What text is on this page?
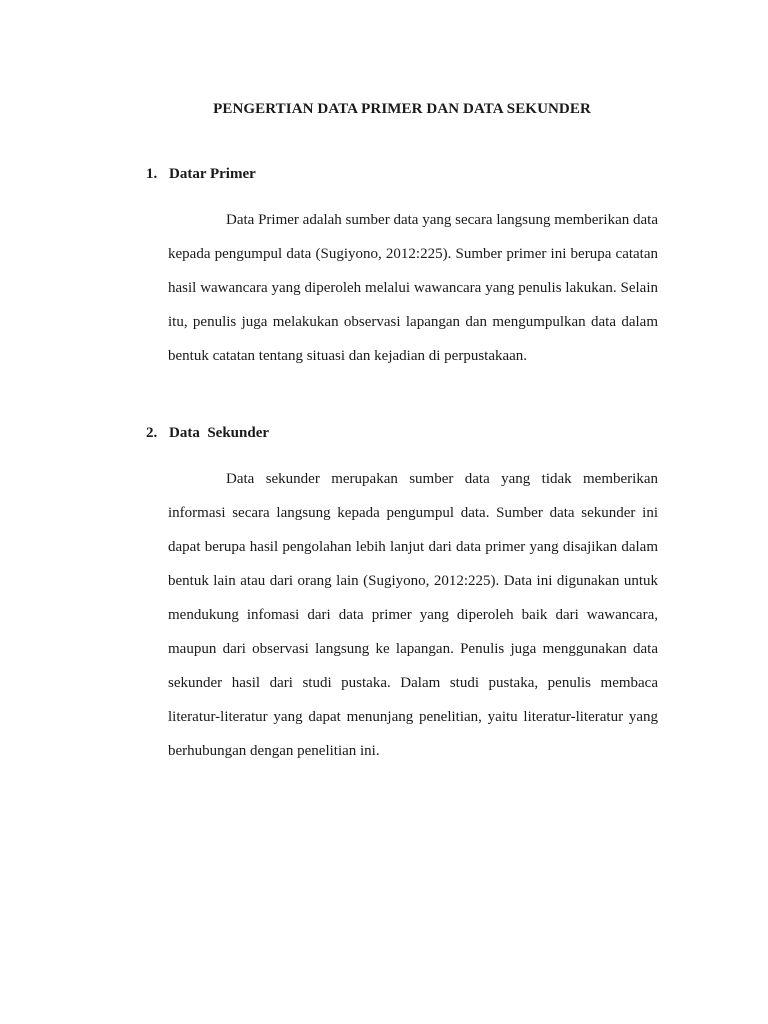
PENGERTIAN DATA PRIMER DAN DATA SEKUNDER
1. Datar Primer

Data Primer adalah sumber data yang secara langsung memberikan data kepada pengumpul data (Sugiyono, 2012:225). Sumber primer ini berupa catatan hasil wawancara yang diperoleh melalui wawancara yang penulis lakukan. Selain itu, penulis juga melakukan observasi lapangan dan mengumpulkan data dalam bentuk catatan tentang situasi dan kejadian di perpustakaan.

2. Data  Sekunder

Data sekunder merupakan sumber data yang tidak memberikan informasi secara langsung kepada pengumpul data. Sumber data sekunder ini dapat berupa hasil pengolahan lebih lanjut dari data primer yang disajikan dalam bentuk lain atau dari orang lain (Sugiyono, 2012:225). Data ini digunakan untuk mendukung infomasi dari data primer yang diperoleh baik dari wawancara, maupun dari observasi langsung ke lapangan. Penulis juga menggunakan data sekunder hasil dari studi pustaka. Dalam studi pustaka, penulis membaca literatur-literatur yang dapat menunjang penelitian, yaitu literatur-literatur yang berhubungan dengan penelitian ini.
